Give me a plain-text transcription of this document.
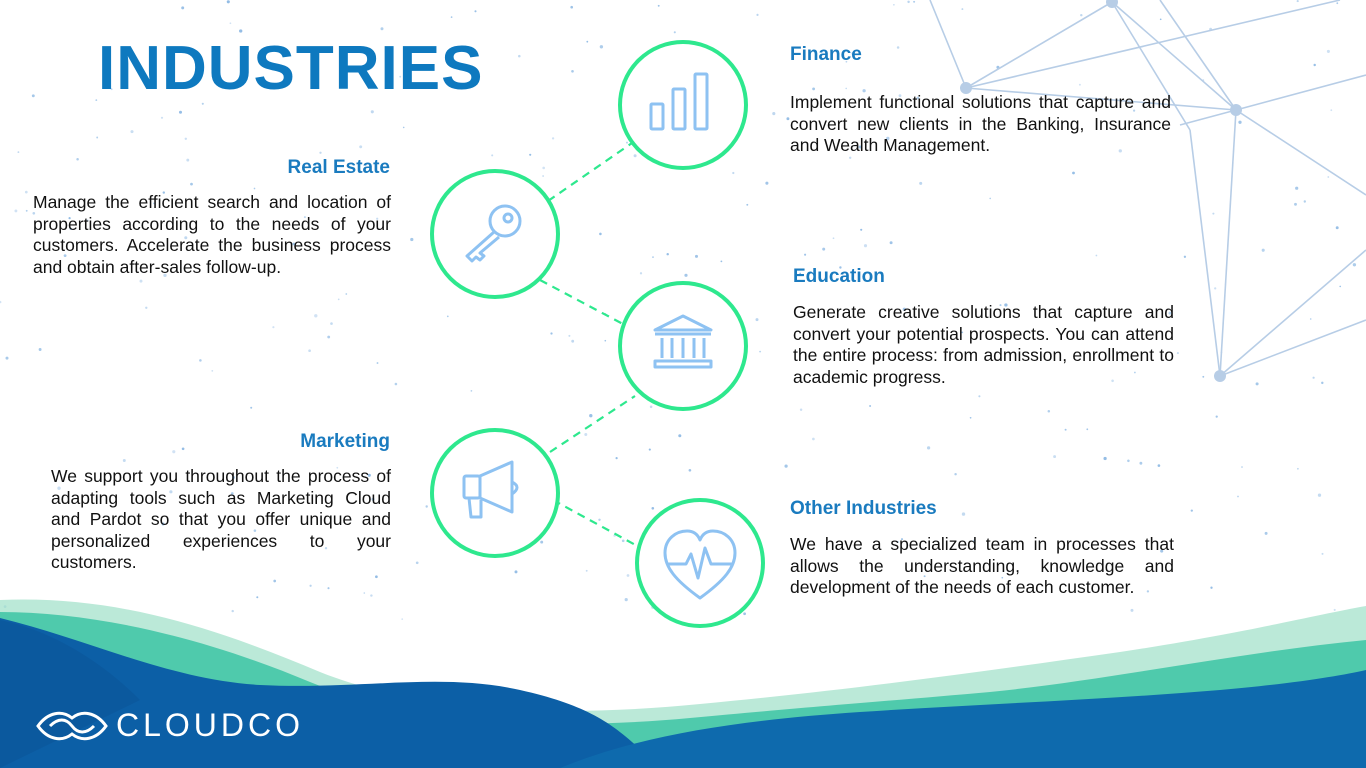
INDUSTRIES
Real Estate
Manage the efficient search and location of properties according to the needs of your customers. Accelerate the business process and obtain after-sales follow-up.
Marketing
We support you throughout the process of adapting tools such as Marketing Cloud and Pardot so that you offer unique and personalized experiences to your customers.
Finance
Implement functional solutions that capture and convert new clients in the Banking, Insurance and Wealth Management.
Education
Generate creative solutions that capture and convert your potential prospects. You can attend the entire process: from admission, enrollment to academic progress.
Other Industries
We have a specialized team in processes that allows the understanding, knowledge and development of the needs of each customer.
CLOUDCO
